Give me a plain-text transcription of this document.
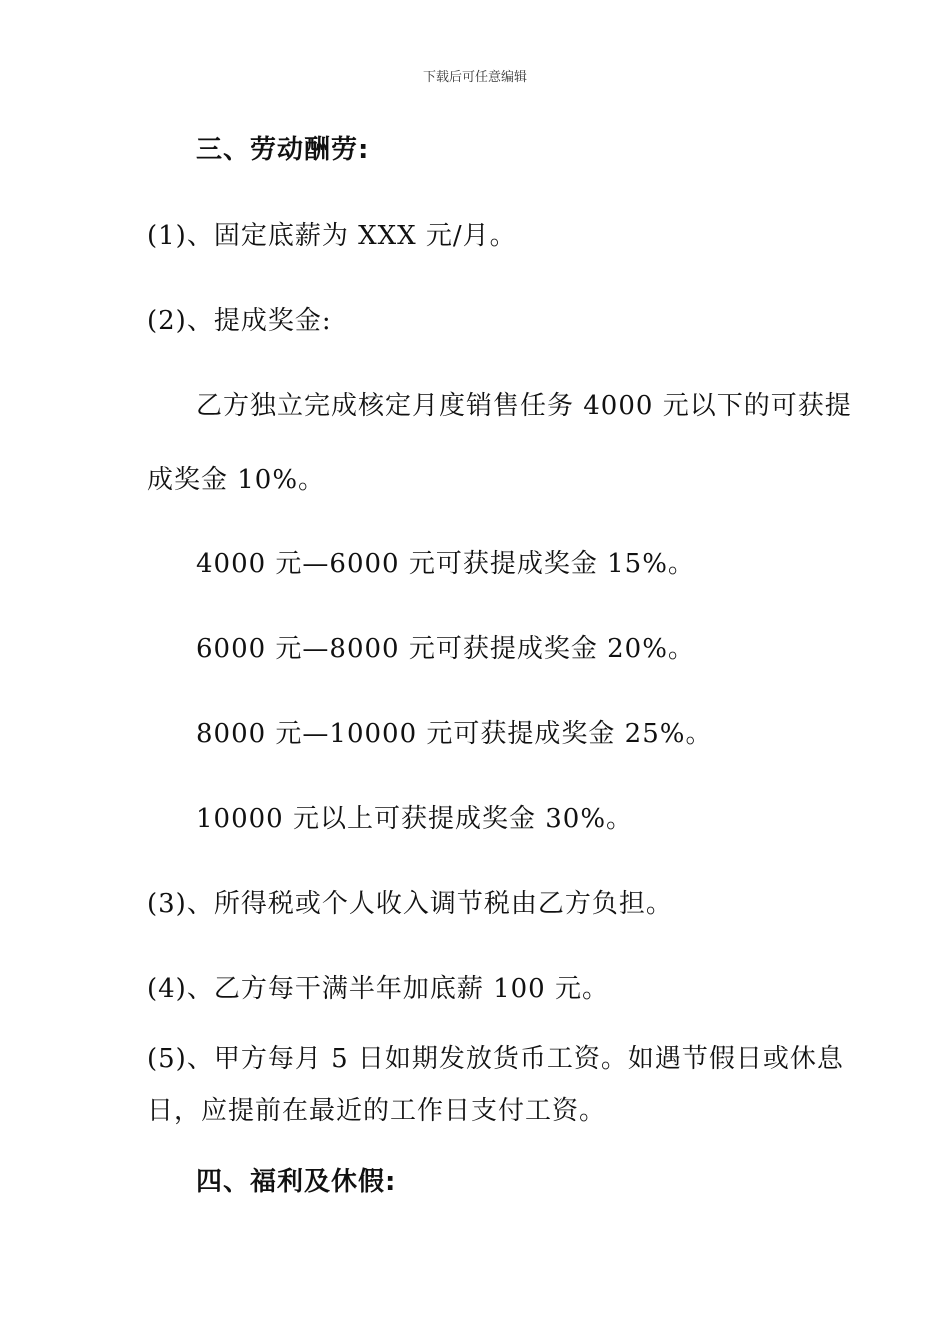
下载后可任意编辑
三、劳动酬劳:
(1)、固定底薪为 XXX 元/月。
(2)、提成奖金:
乙方独立完成核定月度销售任务 4000 元以下的可获提
成奖金 10%。
4000 元—6000 元可获提成奖金 15%。
6000 元—8000 元可获提成奖金 20%。
8000 元—10000 元可获提成奖金 25%。
10000 元以上可获提成奖金 30%。
(3)、所得税或个人收入调节税由乙方负担。
(4)、乙方每干满半年加底薪 100 元。
(5)、甲方每月 5 日如期发放货币工资。如遇节假日或休息
日，应提前在最近的工作日支付工资。
四、福利及休假:
